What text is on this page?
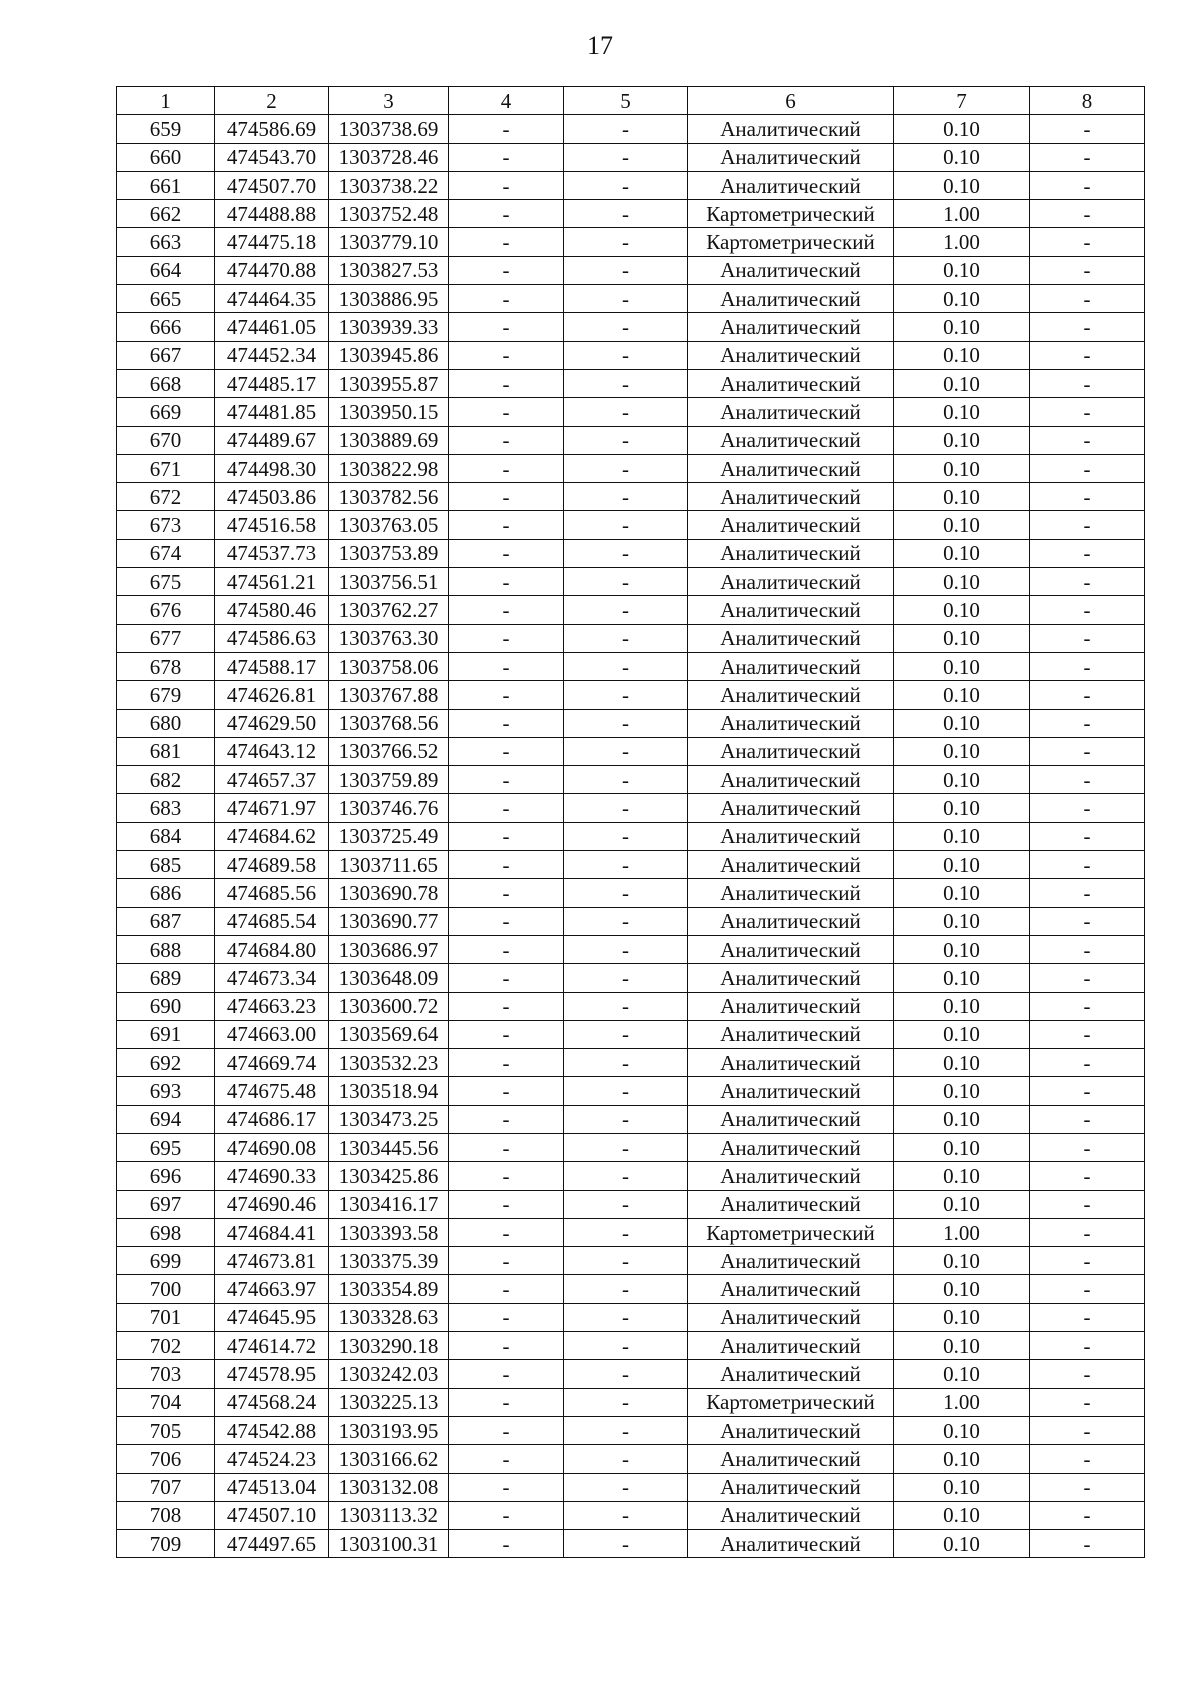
17
1	2	3	4	5	6	7	8
659	474586.69	1303738.69	-	-	Аналитический	0.10	-
660	474543.70	1303728.46	-	-	Аналитический	0.10	-
661	474507.70	1303738.22	-	-	Аналитический	0.10	-
662	474488.88	1303752.48	-	-	Картометрический	1.00	-
663	474475.18	1303779.10	-	-	Картометрический	1.00	-
664	474470.88	1303827.53	-	-	Аналитический	0.10	-
665	474464.35	1303886.95	-	-	Аналитический	0.10	-
666	474461.05	1303939.33	-	-	Аналитический	0.10	-
667	474452.34	1303945.86	-	-	Аналитический	0.10	-
668	474485.17	1303955.87	-	-	Аналитический	0.10	-
669	474481.85	1303950.15	-	-	Аналитический	0.10	-
670	474489.67	1303889.69	-	-	Аналитический	0.10	-
671	474498.30	1303822.98	-	-	Аналитический	0.10	-
672	474503.86	1303782.56	-	-	Аналитический	0.10	-
673	474516.58	1303763.05	-	-	Аналитический	0.10	-
674	474537.73	1303753.89	-	-	Аналитический	0.10	-
675	474561.21	1303756.51	-	-	Аналитический	0.10	-
676	474580.46	1303762.27	-	-	Аналитический	0.10	-
677	474586.63	1303763.30	-	-	Аналитический	0.10	-
678	474588.17	1303758.06	-	-	Аналитический	0.10	-
679	474626.81	1303767.88	-	-	Аналитический	0.10	-
680	474629.50	1303768.56	-	-	Аналитический	0.10	-
681	474643.12	1303766.52	-	-	Аналитический	0.10	-
682	474657.37	1303759.89	-	-	Аналитический	0.10	-
683	474671.97	1303746.76	-	-	Аналитический	0.10	-
684	474684.62	1303725.49	-	-	Аналитический	0.10	-
685	474689.58	1303711.65	-	-	Аналитический	0.10	-
686	474685.56	1303690.78	-	-	Аналитический	0.10	-
687	474685.54	1303690.77	-	-	Аналитический	0.10	-
688	474684.80	1303686.97	-	-	Аналитический	0.10	-
689	474673.34	1303648.09	-	-	Аналитический	0.10	-
690	474663.23	1303600.72	-	-	Аналитический	0.10	-
691	474663.00	1303569.64	-	-	Аналитический	0.10	-
692	474669.74	1303532.23	-	-	Аналитический	0.10	-
693	474675.48	1303518.94	-	-	Аналитический	0.10	-
694	474686.17	1303473.25	-	-	Аналитический	0.10	-
695	474690.08	1303445.56	-	-	Аналитический	0.10	-
696	474690.33	1303425.86	-	-	Аналитический	0.10	-
697	474690.46	1303416.17	-	-	Аналитический	0.10	-
698	474684.41	1303393.58	-	-	Картометрический	1.00	-
699	474673.81	1303375.39	-	-	Аналитический	0.10	-
700	474663.97	1303354.89	-	-	Аналитический	0.10	-
701	474645.95	1303328.63	-	-	Аналитический	0.10	-
702	474614.72	1303290.18	-	-	Аналитический	0.10	-
703	474578.95	1303242.03	-	-	Аналитический	0.10	-
704	474568.24	1303225.13	-	-	Картометрический	1.00	-
705	474542.88	1303193.95	-	-	Аналитический	0.10	-
706	474524.23	1303166.62	-	-	Аналитический	0.10	-
707	474513.04	1303132.08	-	-	Аналитический	0.10	-
708	474507.10	1303113.32	-	-	Аналитический	0.10	-
709	474497.65	1303100.31	-	-	Аналитический	0.10	-
